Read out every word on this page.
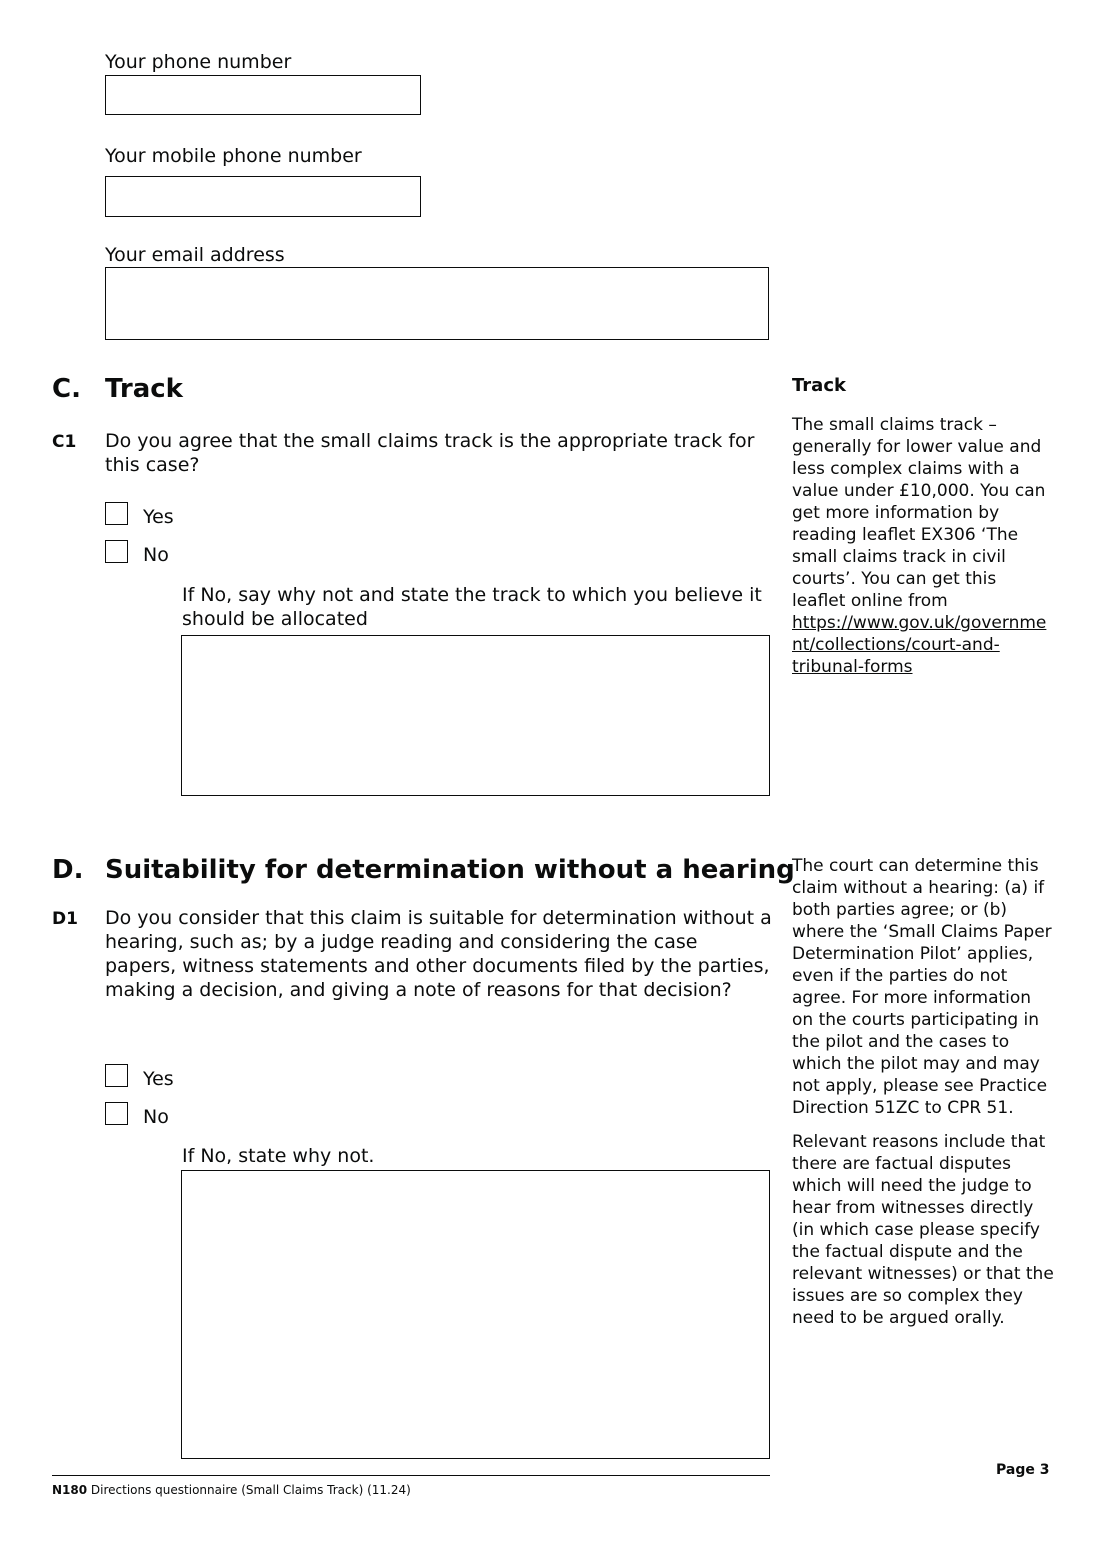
Your phone number
Your mobile phone number
Your email address
C. Track
C1 Do you agree that the small claims track is the appropriate track for this case?
Yes
No
If No, say why not and state the track to which you believe it should be allocated
Track

The small claims track – generally for lower value and less complex claims with a value under £10,000. You can get more information by reading leaflet EX306 ‘The small claims track in civil courts’. You can get this leaflet online from https://www.gov.uk/government/collections/court-and-tribunal-forms

D. Suitability for determination without a hearing
D1 Do you consider that this claim is suitable for determination without a hearing, such as; by a judge reading and considering the case papers, witness statements and other documents filed by the parties, making a decision, and giving a note of reasons for that decision?
Yes
No
If No, state why not.

The court can determine this claim without a hearing: (a) if both parties agree; or (b) where the ‘Small Claims Paper Determination Pilot’ applies, even if the parties do not agree. For more information on the courts participating in the pilot and the cases to which the pilot may and may not apply, please see Practice Direction 51ZC to CPR 51.

Relevant reasons include that there are factual disputes which will need the judge to hear from witnesses directly (in which case please specify the factual dispute and the relevant witnesses) or that the issues are so complex they need to be argued orally.

Page 3
N180 Directions questionnaire (Small Claims Track) (11.24)
